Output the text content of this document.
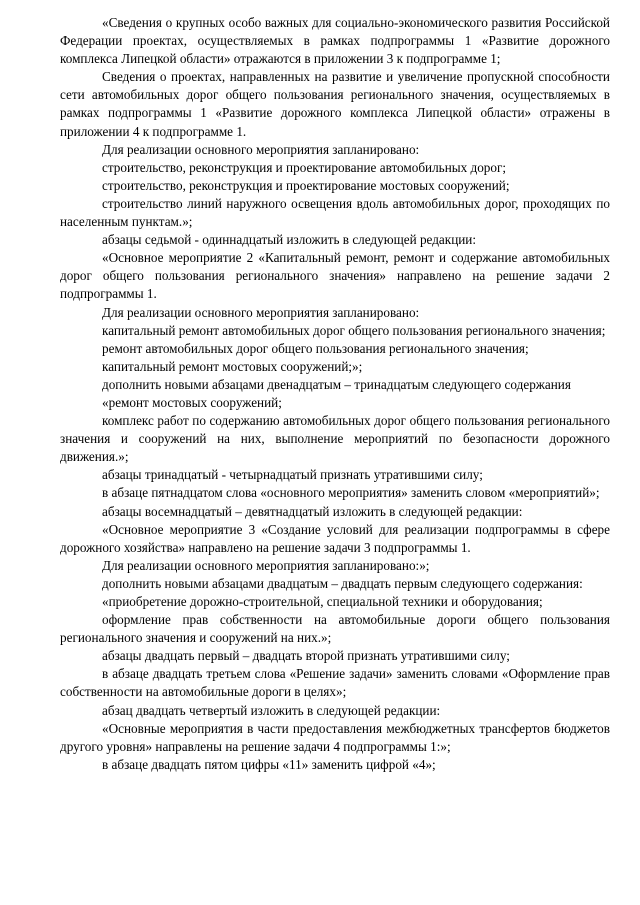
«Сведения о крупных особо важных для социально-экономического развития Российской Федерации проектах, осуществляемых в рамках подпрограммы 1 «Развитие дорожного комплекса Липецкой области» отражаются в приложении 3 к подпрограмме 1;

Сведения о проектах, направленных на развитие и увеличение пропускной способности сети автомобильных дорог общего пользования регионального значения, осуществляемых в рамках подпрограммы 1 «Развитие дорожного комплекса Липецкой области» отражены в приложении 4 к подпрограмме 1.

Для реализации основного мероприятия запланировано:

строительство, реконструкция и проектирование автомобильных дорог;

строительство, реконструкция и проектирование мостовых сооружений;

строительство линий наружного освещения вдоль автомобильных дорог, проходящих по населенным пунктам.»;

абзацы седьмой - одиннадцатый изложить в следующей редакции:

«Основное мероприятие 2 «Капитальный ремонт, ремонт и содержание автомобильных дорог общего пользования регионального значения» направлено на решение задачи 2 подпрограммы 1.

Для реализации основного мероприятия запланировано:

капитальный ремонт автомобильных дорог общего пользования регионального значения;

ремонт автомобильных дорог общего пользования регионального значения;

капитальный ремонт мостовых сооружений;»;

дополнить новыми абзацами двенадцатым – тринадцатым следующего содержания

«ремонт мостовых сооружений;

комплекс работ по содержанию автомобильных дорог общего пользования регионального значения и сооружений на них, выполнение мероприятий по безопасности дорожного движения.»;

абзацы тринадцатый - четырнадцатый признать утратившими силу;

в абзаце пятнадцатом слова «основного мероприятия» заменить словом «мероприятий»;

абзацы восемнадцатый – девятнадцатый изложить в следующей редакции:

«Основное мероприятие 3 «Создание условий для реализации подпрограммы в сфере дорожного хозяйства» направлено на решение задачи 3 подпрограммы 1.

Для реализации основного мероприятия запланировано:»;

дополнить новыми абзацами двадцатым – двадцать первым следующего содержания:

«приобретение дорожно-строительной, специальной техники и оборудования;

оформление прав собственности на автомобильные дороги общего пользования регионального значения и сооружений на них.»;

абзацы двадцать первый – двадцать второй признать утратившими силу;

в абзаце двадцать третьем слова «Решение задачи» заменить словами «Оформление прав собственности на автомобильные дороги в целях»;

абзац двадцать четвертый изложить в следующей редакции:

«Основные мероприятия в части предоставления межбюджетных трансфертов бюджетов другого уровня» направлены на решение задачи 4 подпрограммы 1:»;

в абзаце двадцать пятом цифры «11» заменить цифрой «4»;
